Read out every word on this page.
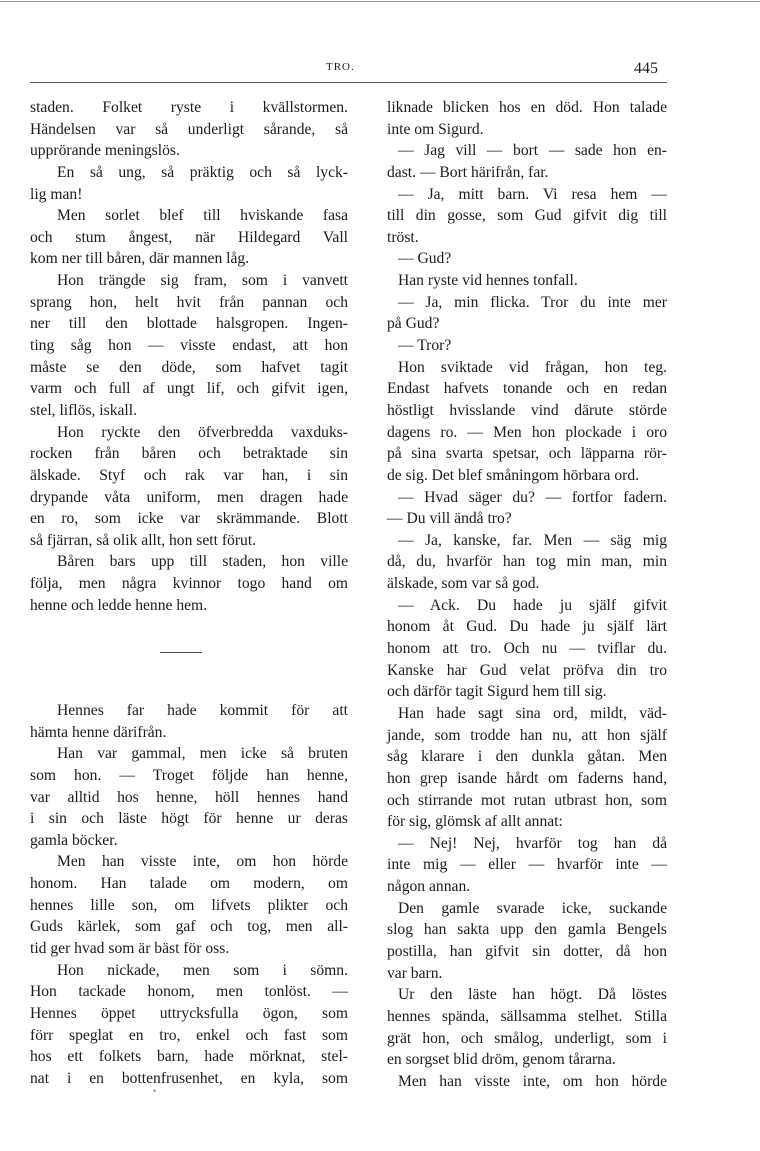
TRO.	445
staden. Folket ryste i kvällstormen.
Händelsen var så underligt sårande, så
upprörande meningslös.
En så ung, så präktig och så lyck-
lig man!
Men sorlet blef till hviskande fasa
och stum ångest, när Hildegard Vall
kom ner till båren, där mannen låg.
Hon trängde sig fram, som i vanvett
sprang hon, helt hvit från pannan och
ner till den blottade halsgropen. Ingen-
ting såg hon — visste endast, att hon
måste se den döde, som hafvet tagit
varm och full af ungt lif, och gifvit igen,
stel, liflös, iskall.
Hon ryckte den öfverbredda vaxduks-
rocken från båren och betraktade sin
älskade. Styf och rak var han, i sin
drypande våta uniform, men dragen hade
en ro, som icke var skrämmande. Blott
så fjärran, så olik allt, hon sett förut.
Båren bars upp till staden, hon ville
följa, men några kvinnor togo hand om
henne och ledde henne hem.
Hennes far hade kommit för att
hämta henne därifrån.
Han var gammal, men icke så bruten
som hon. — Troget följde han henne,
var alltid hos henne, höll hennes hand
i sin och läste högt för henne ur deras
gamla böcker.
Men han visste inte, om hon hörde
honom. Han talade om modern, om
hennes lille son, om lifvets plikter och
Guds kärlek, som gaf och tog, men all-
tid ger hvad som är bäst för oss.
Hon nickade, men som i sömn.
Hon tackade honom, men tonlöst. —
Hennes öppet uttrycksfulla ögon, som
förr speglat en tro, enkel och fast som
hos ett folkets barn, hade mörknat, stel-
nat i en bottenfrusenhet, en kyla, som
liknade blicken hos en död. Hon talade
inte om Sigurd.
— Jag vill — bort — sade hon en-
dast. — Bort härifrån, far.
— Ja, mitt barn. Vi resa hem —
till din gosse, som Gud gifvit dig till
tröst.
— Gud?
Han ryste vid hennes tonfall.
— Ja, min flicka. Tror du inte mer
på Gud?
— Tror?
Hon sviktade vid frågan, hon teg.
Endast hafvets tonande och en redan
höstligt hvisslande vind därute störde
dagens ro. — Men hon plockade i oro
på sina svarta spetsar, och läpparna rör-
de sig. Det blef småningom hörbara ord.
— Hvad säger du? — fortfor fadern.
— Du vill ändå tro?
— Ja, kanske, far. Men — säg mig
då, du, hvarför han tog min man, min
älskade, som var så god.
— Ack. Du hade ju själf gifvit
honom åt Gud. Du hade ju själf lärt
honom att tro. Och nu — tviflar du.
Kanske har Gud velat pröfva din tro
och därför tagit Sigurd hem till sig.
Han hade sagt sina ord, mildt, väd-
jande, som trodde han nu, att hon själf
såg klarare i den dunkla gåtan. Men
hon grep isande hårdt om faderns hand,
och stirrande mot rutan utbrast hon, som
för sig, glömsk af allt annat:
— Nej! Nej, hvarför tog han då
inte mig — eller — hvarför inte —
någon annan.
Den gamle svarade icke, suckande
slog han sakta upp den gamla Bengels
postilla, han gifvit sin dotter, då hon
var barn.
Ur den läste han högt. Då löstes
hennes spända, sällsamma stelhet. Stilla
grät hon, och smålog, underligt, som i
en sorgset blid dröm, genom tårarna.
Men han visste inte, om hon hörde
•
